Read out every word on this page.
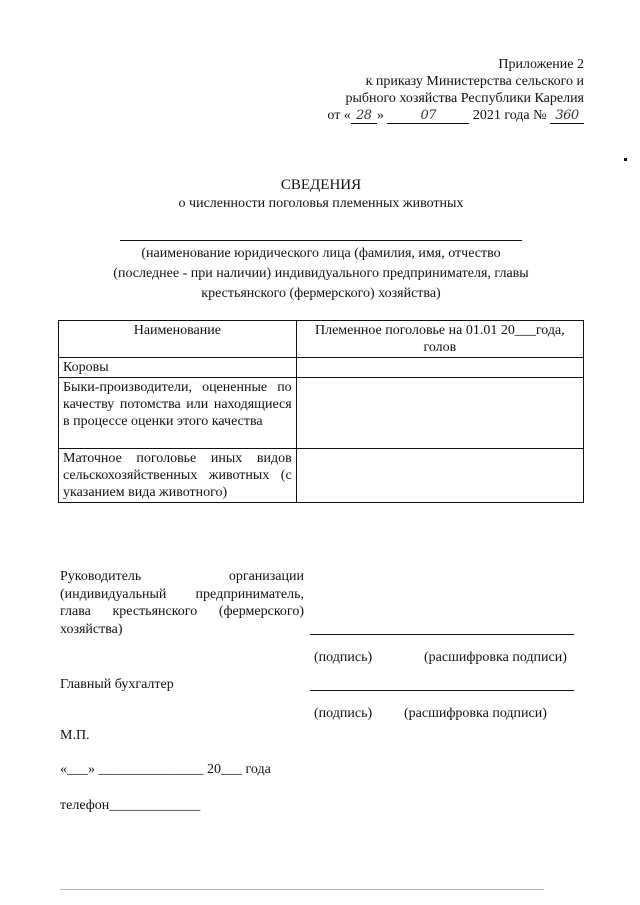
Приложение 2
к приказу Министерства сельского и
рыбного хозяйства Республики Карелия
от « 28 »	07	2021 года № 360
СВЕДЕНИЯ
о численности поголовья племенных животных
(наименование юридического лица (фамилия, имя, отчество
(последнее - при наличии) индивидуального предпринимателя, главы
крестьянского (фермерского) хозяйства)
Наименование	Племенное поголовье на 01.01 20___года,
голов

Коровы	
Быки-производители, оцененные по качеству потомства или находящиеся в процессе оценки этого качества	
Маточное поголовье иных видов сельскохозяйственных животных (с указанием вида животного)	
Руководитель организации
(индивидуальный предприниматель,
глава крестьянского (фермерского)
хозяйства)
(подпись)	(расшифровка подписи)
Главный бухгалтер
(подпись) (расшифровка подписи)
М.П.
«___» _______________ 20___ года
телефон_____________
